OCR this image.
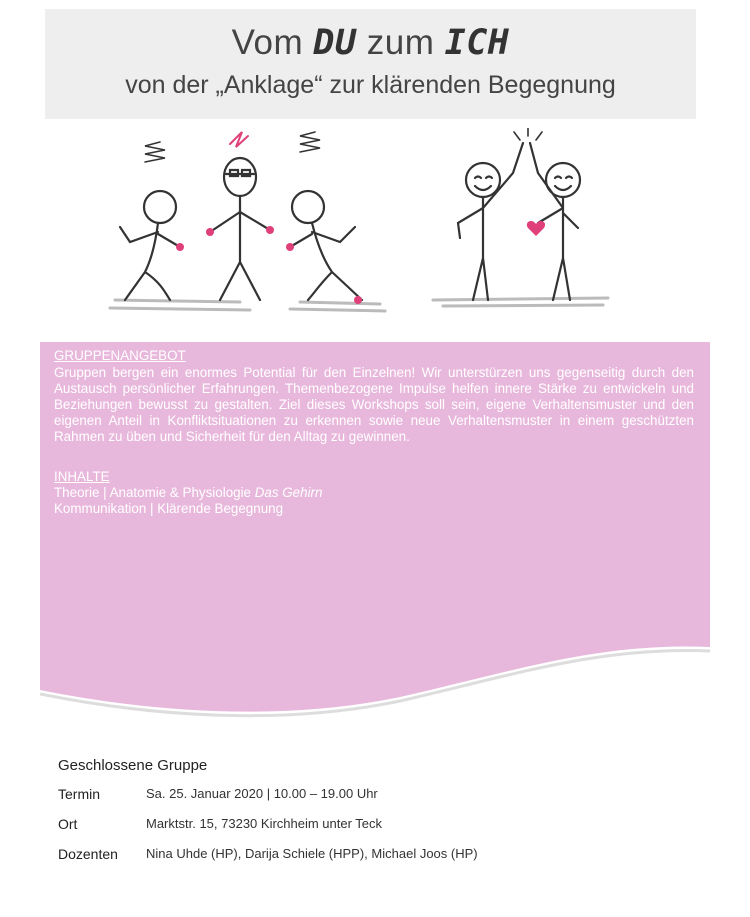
Vom DU zum ICH
von der „Anklage“ zur klärenden Begegnung
GRUPPENANGEBOT
Gruppen bergen ein enormes Potential für den Einzelnen! Wir unterstürzen uns gegenseitig durch den Austausch persönlicher Erfahrungen. Themenbezogene Impulse helfen innere Stärke zu entwickeln und Beziehungen bewusst zu gestalten. Ziel dieses Workshops soll sein, eigene Verhaltensmuster und den eigenen Anteil in Konfliktsituationen zu erkennen sowie neue Verhaltensmuster in einem geschützten Rahmen zu üben und Sicherheit für den Alltag zu gewinnen.
INHALTE
Theorie | Anatomie & Physiologie Das Gehirn
Kommunikation | Klärende Begegnung
Geschlossene Gruppe
Termin	Sa. 25. Januar 2020 | 10.00 – 19.00 Uhr
Ort	Marktstr. 15, 73230 Kirchheim unter Teck
Dozenten	Nina Uhde (HP), Darija Schiele (HPP), Michael Joos (HP)
